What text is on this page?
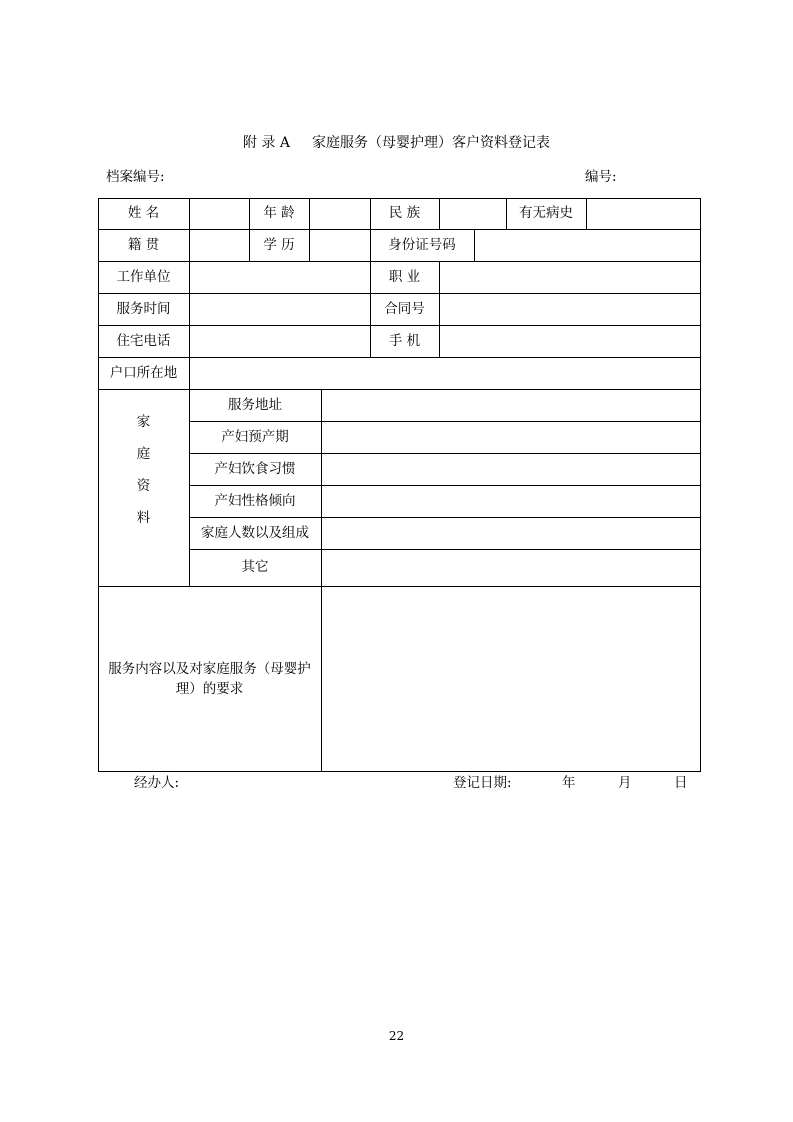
附 录 A 家庭服务（母婴护理）客户资料登记表
档案编号:	编号:
姓 名	年 龄	民 族	有无病史
籍 贯	学 历	身份证号码
工作单位	职 业
服务时间	合同号
住宅电话	手 机
户口所在地
家
庭
资
料
服务地址
产妇预产期
产妇饮食习惯
产妇性格倾向
家庭人数以及组成
其它
服务内容以及对家庭服务（母婴护理）的要求
经办人:	登记日期:	年	月	日
22
